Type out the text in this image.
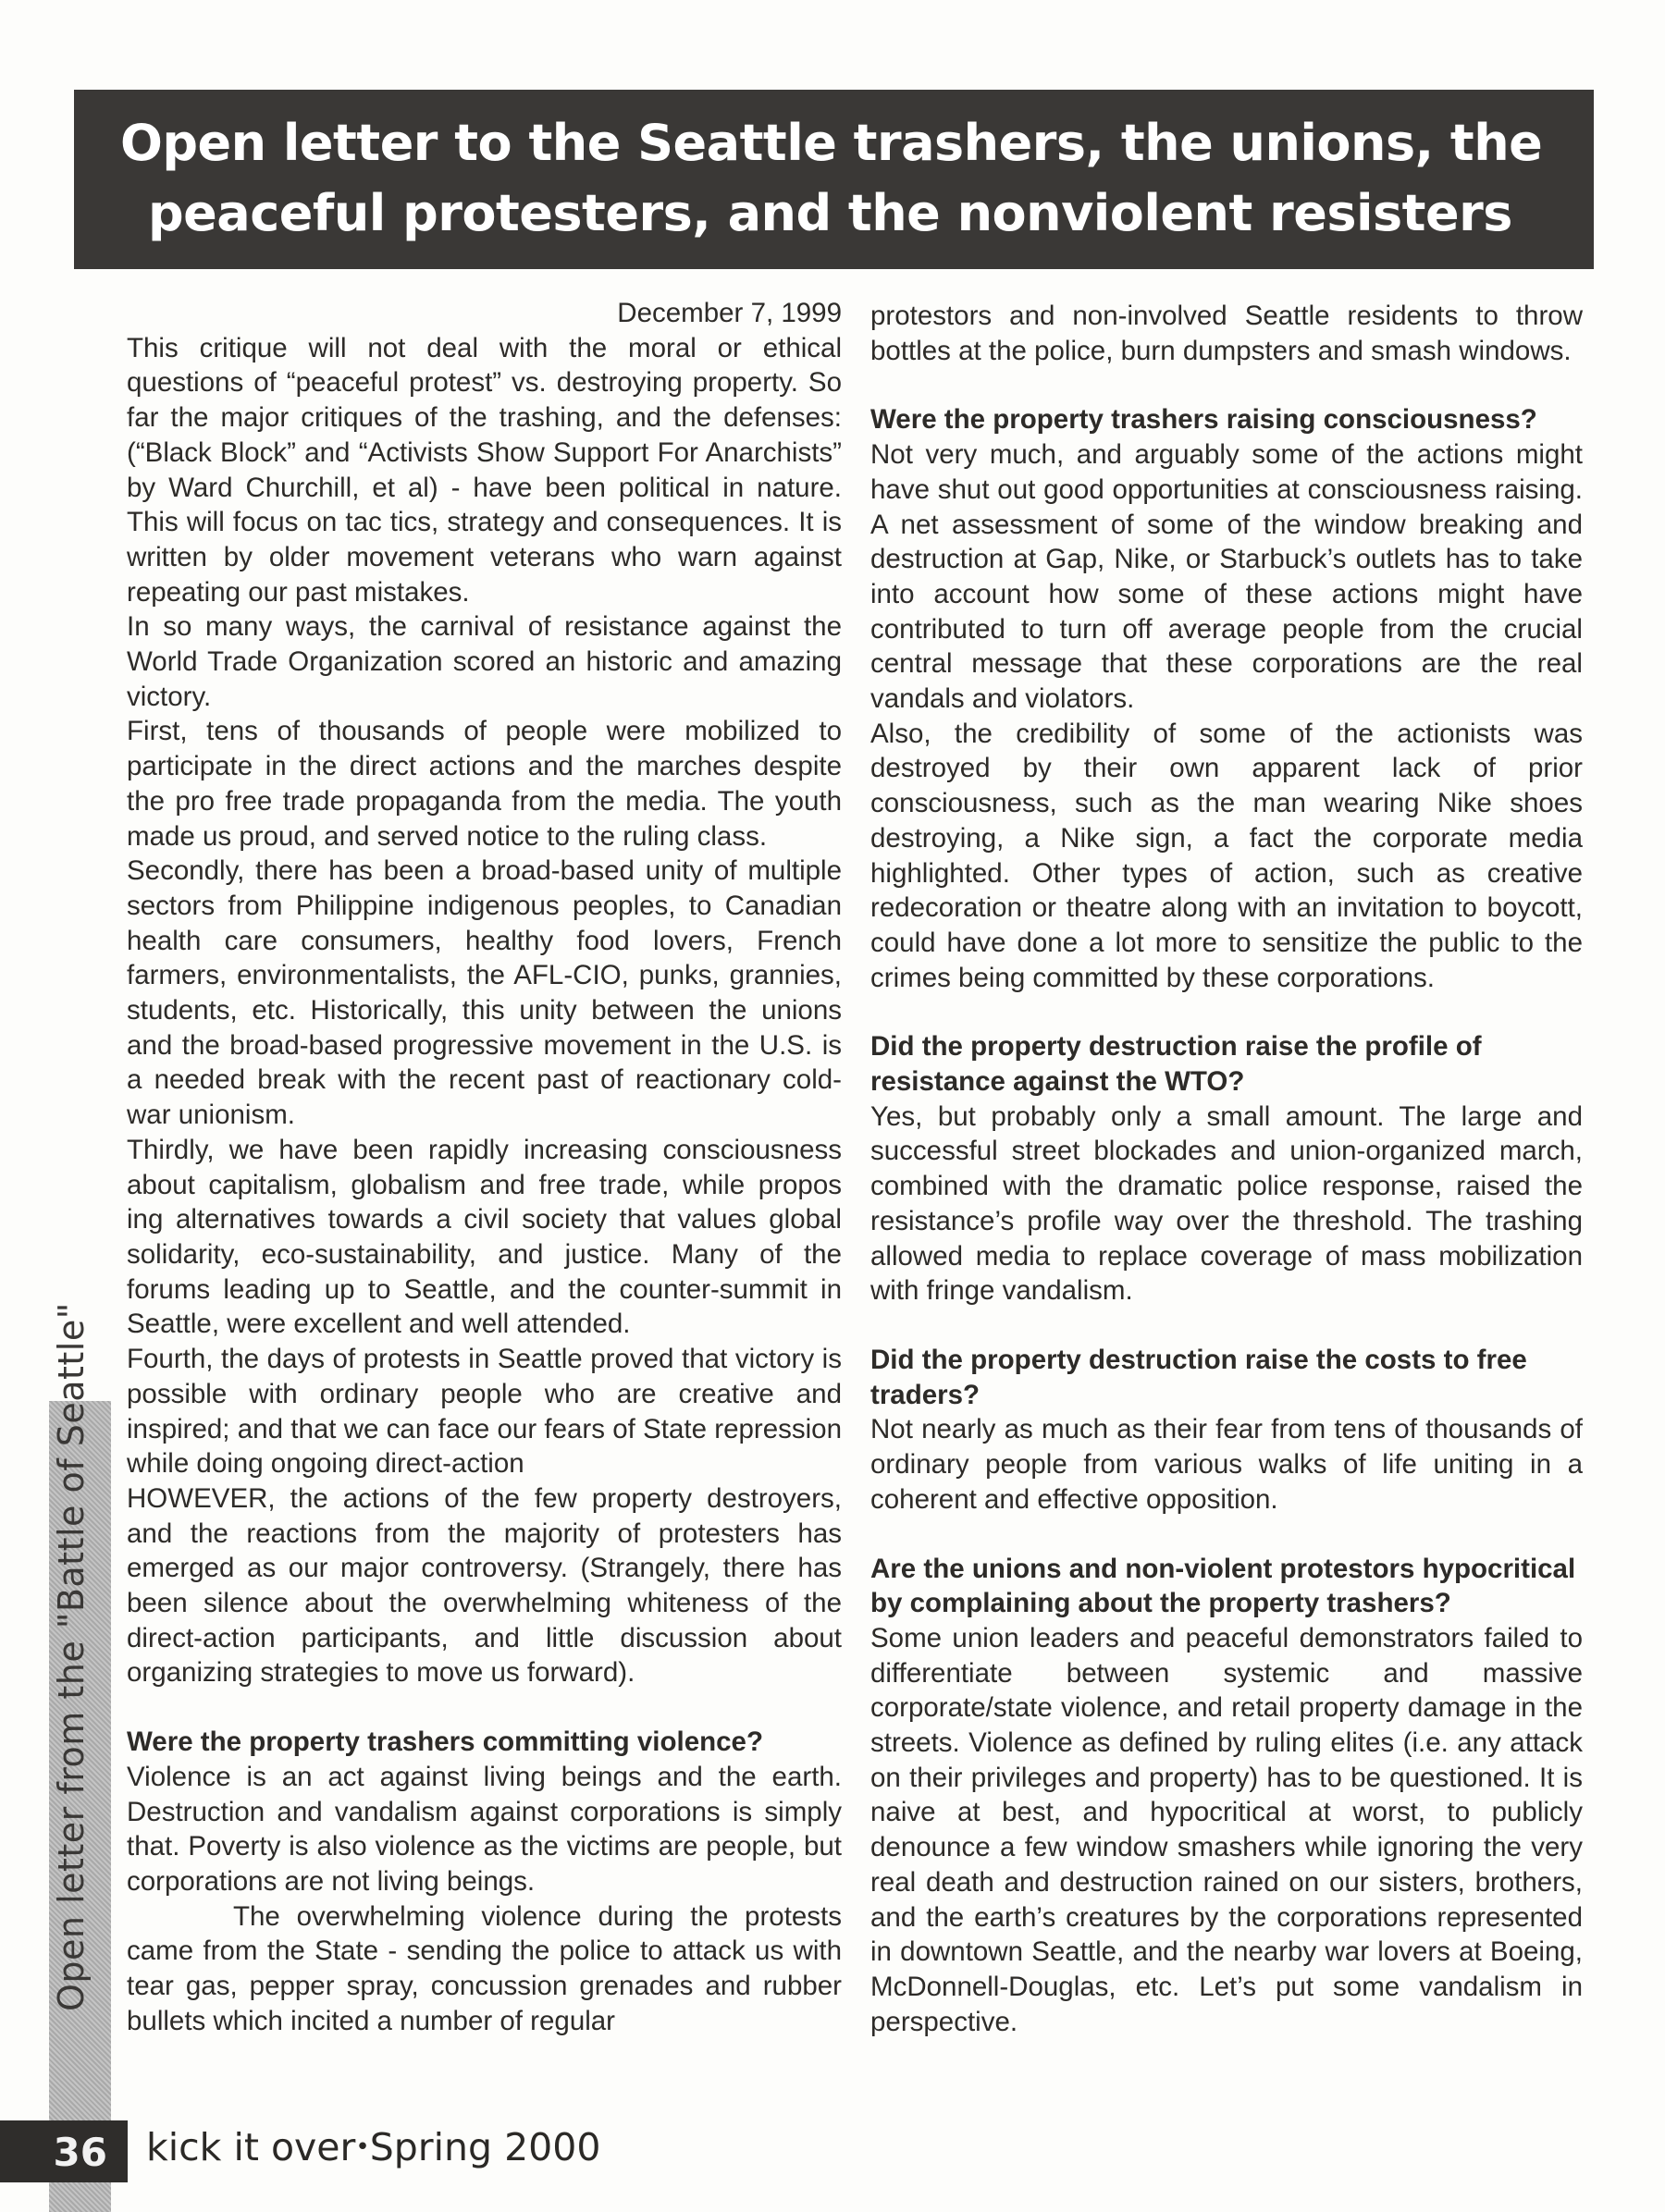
Open letter to the Seattle trashers, the unions, the
peaceful protesters, and the nonviolent resisters
December 7, 1999

This critique will not deal with the moral or ethical questions of “peaceful protest” vs. destroying property. So far the major critiques of the trashing, and the defenses: (“Black Block” and “Activists Show Support For Anarchists” by Ward Churchill, et al) - have been political in nature. This will focus on tac tics, strategy and consequences. It is written by older movement veterans who warn against repeating our past mistakes.

In so many ways, the carnival of resistance against the World Trade Organization scored an historic and amazing victory.

First, tens of thousands of people were mobilized to participate in the direct actions and the marches despite the pro free trade propaganda from the media. The youth made us proud, and served notice to the ruling class.

Secondly, there has been a broad-based unity of multiple sectors from Philippine indigenous peoples, to Canadian health care consumers, healthy food lovers, French farmers, environmentalists, the AFL-CIO, punks, grannies, students, etc. Historically, this unity between the unions and the broad-based progressive movement in the U.S. is a needed break with the recent past of reactionary cold-war unionism.

Thirdly, we have been rapidly increasing consciousness about capitalism, globalism and free trade, while propos ing alternatives towards a civil society that values global solidarity, eco-sustainability, and justice. Many of the forums leading up to Seattle, and the counter-summit in Seattle, were excellent and well attended.

Fourth, the days of protests in Seattle proved that victory is possible with ordinary people who are creative and inspired; and that we can face our fears of State repression while doing ongoing direct-action

HOWEVER, the actions of the few property destroyers, and the reactions from the majority of protesters has emerged as our major controversy. (Strangely, there has been silence about the overwhelming whiteness of the direct-action participants, and little discussion about organizing strategies to move us forward).

Were the property trashers committing violence?

Violence is an act against living beings and the earth. Destruction and vandalism against corporations is simply that. Poverty is also violence as the victims are people, but corporations are not living beings.

The overwhelming violence during the protests came from the State - sending the police to attack us with tear gas, pepper spray, concussion grenades and rubber bullets which incited a number of regular

protestors and non-involved Seattle residents to throw bottles at the police, burn dumpsters and smash windows.

Were the property trashers raising consciousness?

Not very much, and arguably some of the actions might have shut out good opportunities at consciousness raising. A net assessment of some of the window breaking and destruction at Gap, Nike, or Starbuck’s outlets has to take into account how some of these actions might have contributed to turn off average people from the crucial central message that these corporations are the real vandals and violators.

Also, the credibility of some of the actionists was destroyed by their own apparent lack of prior consciousness, such as the man wearing Nike shoes destroying, a Nike sign, a fact the corporate media highlighted. Other types of action, such as creative redecoration or theatre along with an invitation to boycott, could have done a lot more to sensitize the public to the crimes being committed by these corporations.

Did the property destruction raise the profile of resistance against the WTO?

Yes, but probably only a small amount. The large and successful street blockades and union-organized march, combined with the dramatic police response, raised the resistance’s profile way over the threshold. The trashing allowed media to replace coverage of mass mobilization with fringe vandalism.

Did the property destruction raise the costs to free traders?

Not nearly as much as their fear from tens of thousands of ordinary people from various walks of life uniting in a coherent and effective opposition.

Are the unions and non-violent protestors hypocritical by complaining about the property trashers?

Some union leaders and peaceful demonstrators failed to differentiate between systemic and massive corporate/state violence, and retail property damage in the streets. Violence as defined by ruling elites (i.e. any attack on their privileges and property) has to be questioned. It is naive at best, and hypocritical at worst, to publicly denounce a few window smashers while ignoring the very real death and destruction rained on our sisters, brothers, and the earth’s creatures by the corporations represented in downtown Seattle, and the nearby war lovers at Boeing, McDonnell-Douglas, etc. Let’s put some vandalism in perspective.

Open letter from the "Battle of Seattle"
36 kick it over•Spring 2000
